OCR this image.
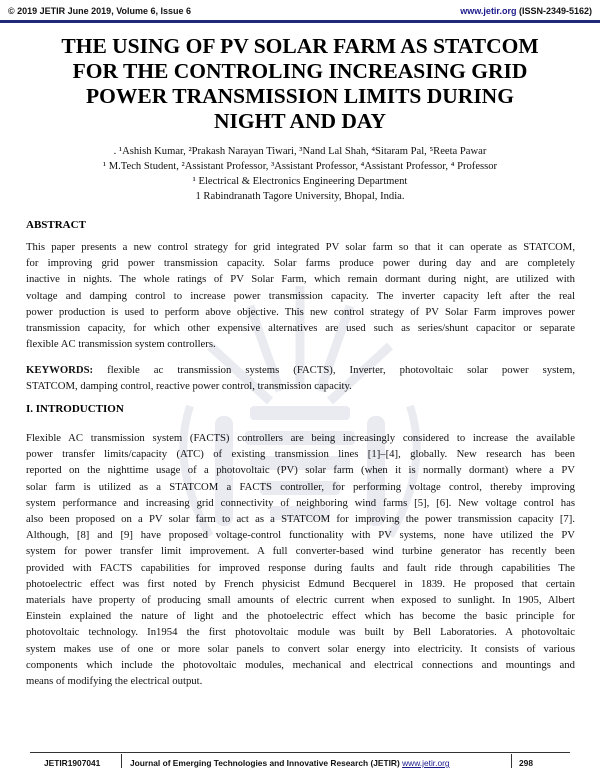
© 2019 JETIR June 2019, Volume 6, Issue 6	www.jetir.org (ISSN-2349-5162)
THE USING OF PV SOLAR FARM AS STATCOM
FOR THE CONTROLING INCREASING GRID
POWER TRANSMISSION LIMITS DURING
NIGHT AND DAY
. ¹Ashish Kumar, ²Prakash Narayan Tiwari, ³Nand Lal Shah, ⁴Sitaram Pal, ⁵Reeta Pawar
¹ M.Tech Student, ²Assistant Professor, ³Assistant Professor, ⁴Assistant Professor, ⁴ Professor
¹ Electrical & Electronics Engineering Department
1 Rabindranath Tagore University, Bhopal, India.
ABSTRACT
This paper presents a new control strategy for grid integrated PV solar farm so that it can operate as STATCOM,
for improving grid power transmission capacity. Solar farms produce power during day and are completely
inactive in nights. The whole ratings of PV Solar Farm, which remain dormant during night, are utilized with
voltage and damping control to increase power transmission capacity. The inverter capacity left after the real
power production is used to perform above objective. This new control strategy of PV Solar Farm improves power
transmission capacity, for which other expensive alternatives are used such as series/shunt capacitor or separate
flexible AC transmission system controllers.
KEYWORDS: flexible ac transmission systems (FACTS), Inverter, photovoltaic solar power system,
STATCOM, damping control, reactive power control, transmission capacity.
I. INTRODUCTION
Flexible AC transmission system (FACTS) controllers are being increasingly considered to increase the available
power transfer limits/capacity (ATC) of existing transmission lines [1]–[4], globally. New research has been
reported on the nighttime usage of a photovoltaic (PV) solar farm (when it is normally dormant) where a PV
solar farm is utilized as a STATCOM a FACTS controller, for performing voltage control, thereby improving
system performance and increasing grid connectivity of neighboring wind farms [5], [6]. New voltage control has
also been proposed on a PV solar farm to act as a STATCOM for improving the power transmission capacity [7].
Although, [8] and [9] have proposed voltage-control functionality with PV systems, none have utilized the PV
system for power transfer limit improvement. A full converter-based wind turbine generator has recently been
provided with FACTS capabilities for improved response during faults and fault ride through capabilities The
photoelectric effect was first noted by French physicist Edmund Becquerel in 1839. He proposed that certain
materials have property of producing small amounts of electric current when exposed to sunlight. In 1905, Albert
Einstein explained the nature of light and the photoelectric effect which has become the basic principle for
photovoltaic technology. In1954 the first photovoltaic module was built by Bell Laboratories. A photovoltaic
system makes use of one or more solar panels to convert solar energy into electricity. It consists of various
components which include the photovoltaic modules, mechanical and electrical connections and mountings and
means of modifying the electrical output.
JETIR1907041	Journal of Emerging Technologies and Innovative Research (JETIR) www.jetir.org	298
